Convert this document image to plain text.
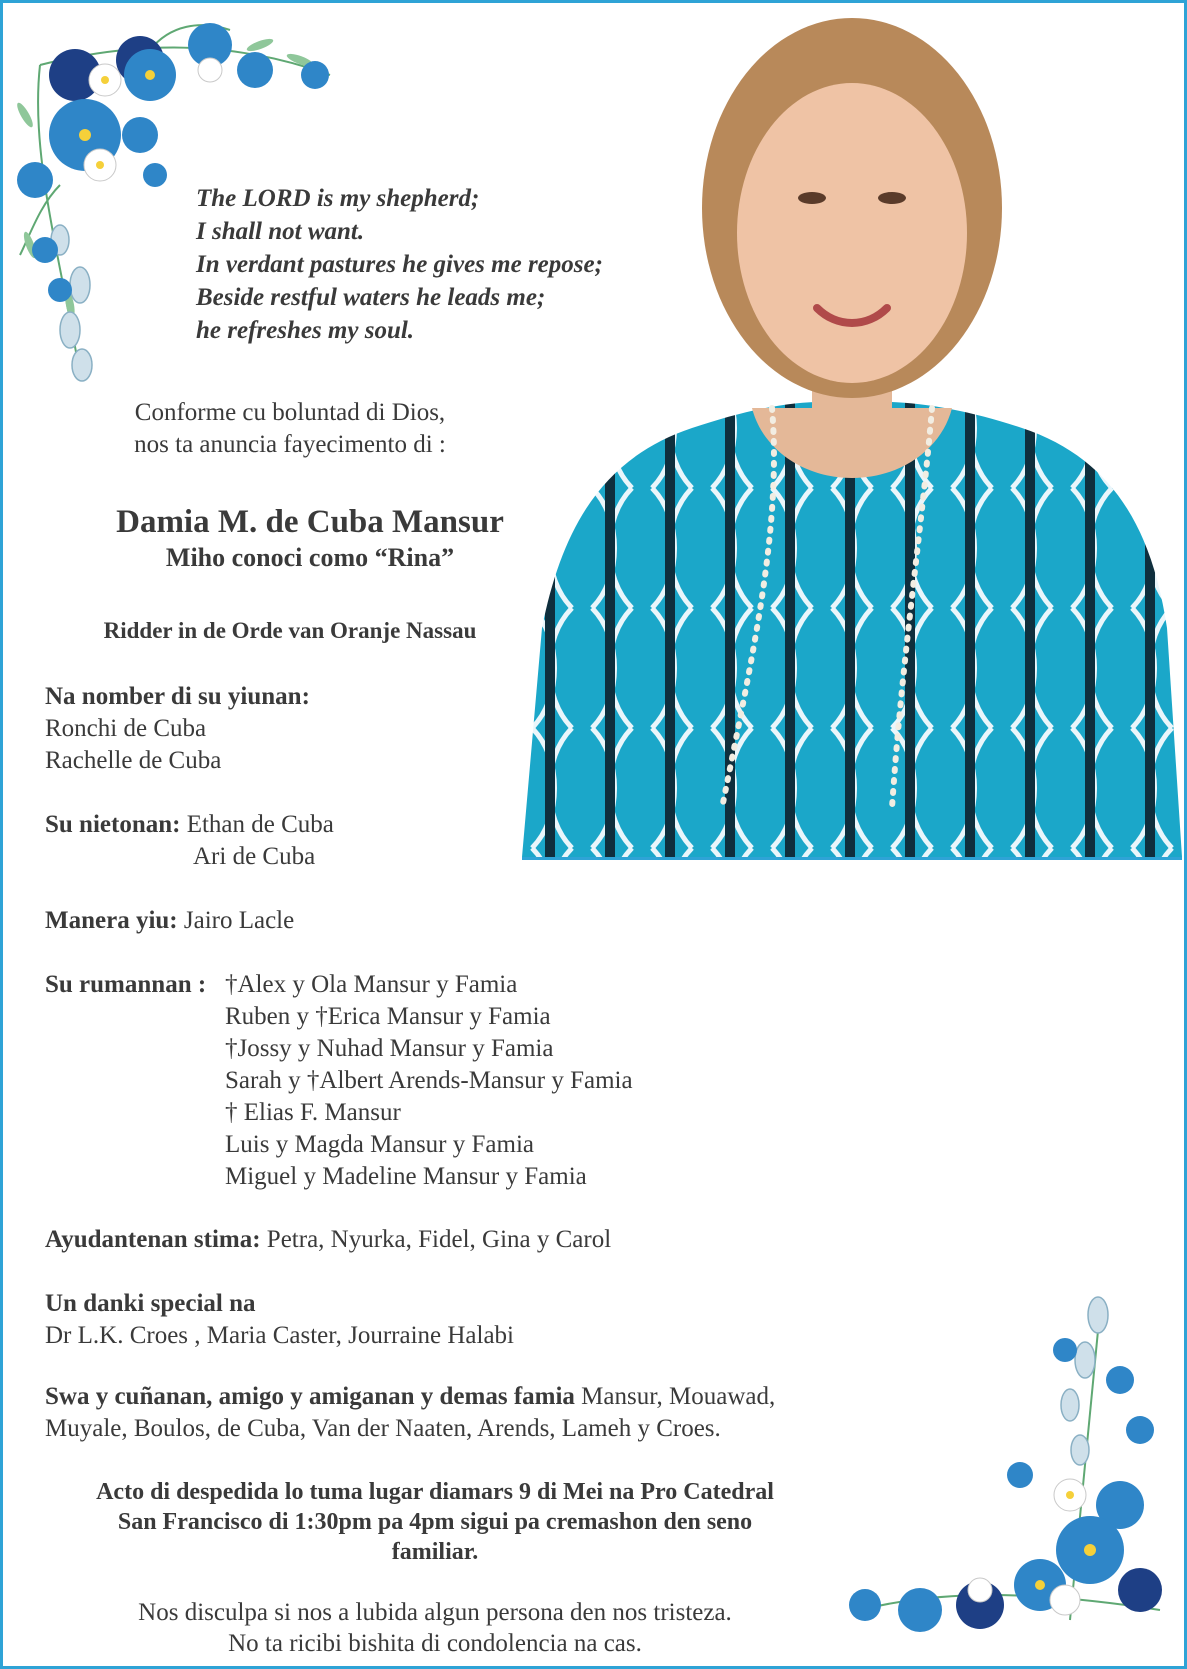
The LORD is my shepherd;
I shall not want.
In verdant pastures he gives me repose;
Beside restful waters he leads me;
he refreshes my soul.
Conforme cu boluntad di Dios,
nos ta anuncia fayecimento di :
Damia M. de Cuba Mansur
Miho conoci como “Rina”
Ridder in de Orde van Oranje Nassau
Na nomber di su yiunan:
Ronchi de Cuba
Rachelle de Cuba
Su nietonan: Ethan de Cuba
Ari de Cuba
Manera yiu: Jairo Lacle
Su rumannan : †Alex y Ola Mansur y Famia
Ruben y †Erica Mansur y Famia
†Jossy y Nuhad Mansur y Famia
Sarah y †Albert Arends-Mansur y Famia
† Elias F. Mansur
Luis y Magda Mansur y Famia
Miguel y Madeline Mansur y Famia
Ayudantenan stima: Petra, Nyurka, Fidel, Gina y Carol
Un danki special na
Dr L.K. Croes , Maria Caster, Jourraine Halabi
Swa y cuñanan, amigo y amiganan y demas famia Mansur, Mouawad,
Muyale, Boulos, de Cuba, Van der Naaten, Arends, Lameh y Croes.
Acto di despedida lo tuma lugar diamars 9 di Mei na Pro Catedral
San Francisco di 1:30pm pa 4pm sigui pa cremashon den seno
familiar.
Nos disculpa si nos a lubida algun persona den nos tristeza.
No ta ricibi bishita di condolencia na cas.
